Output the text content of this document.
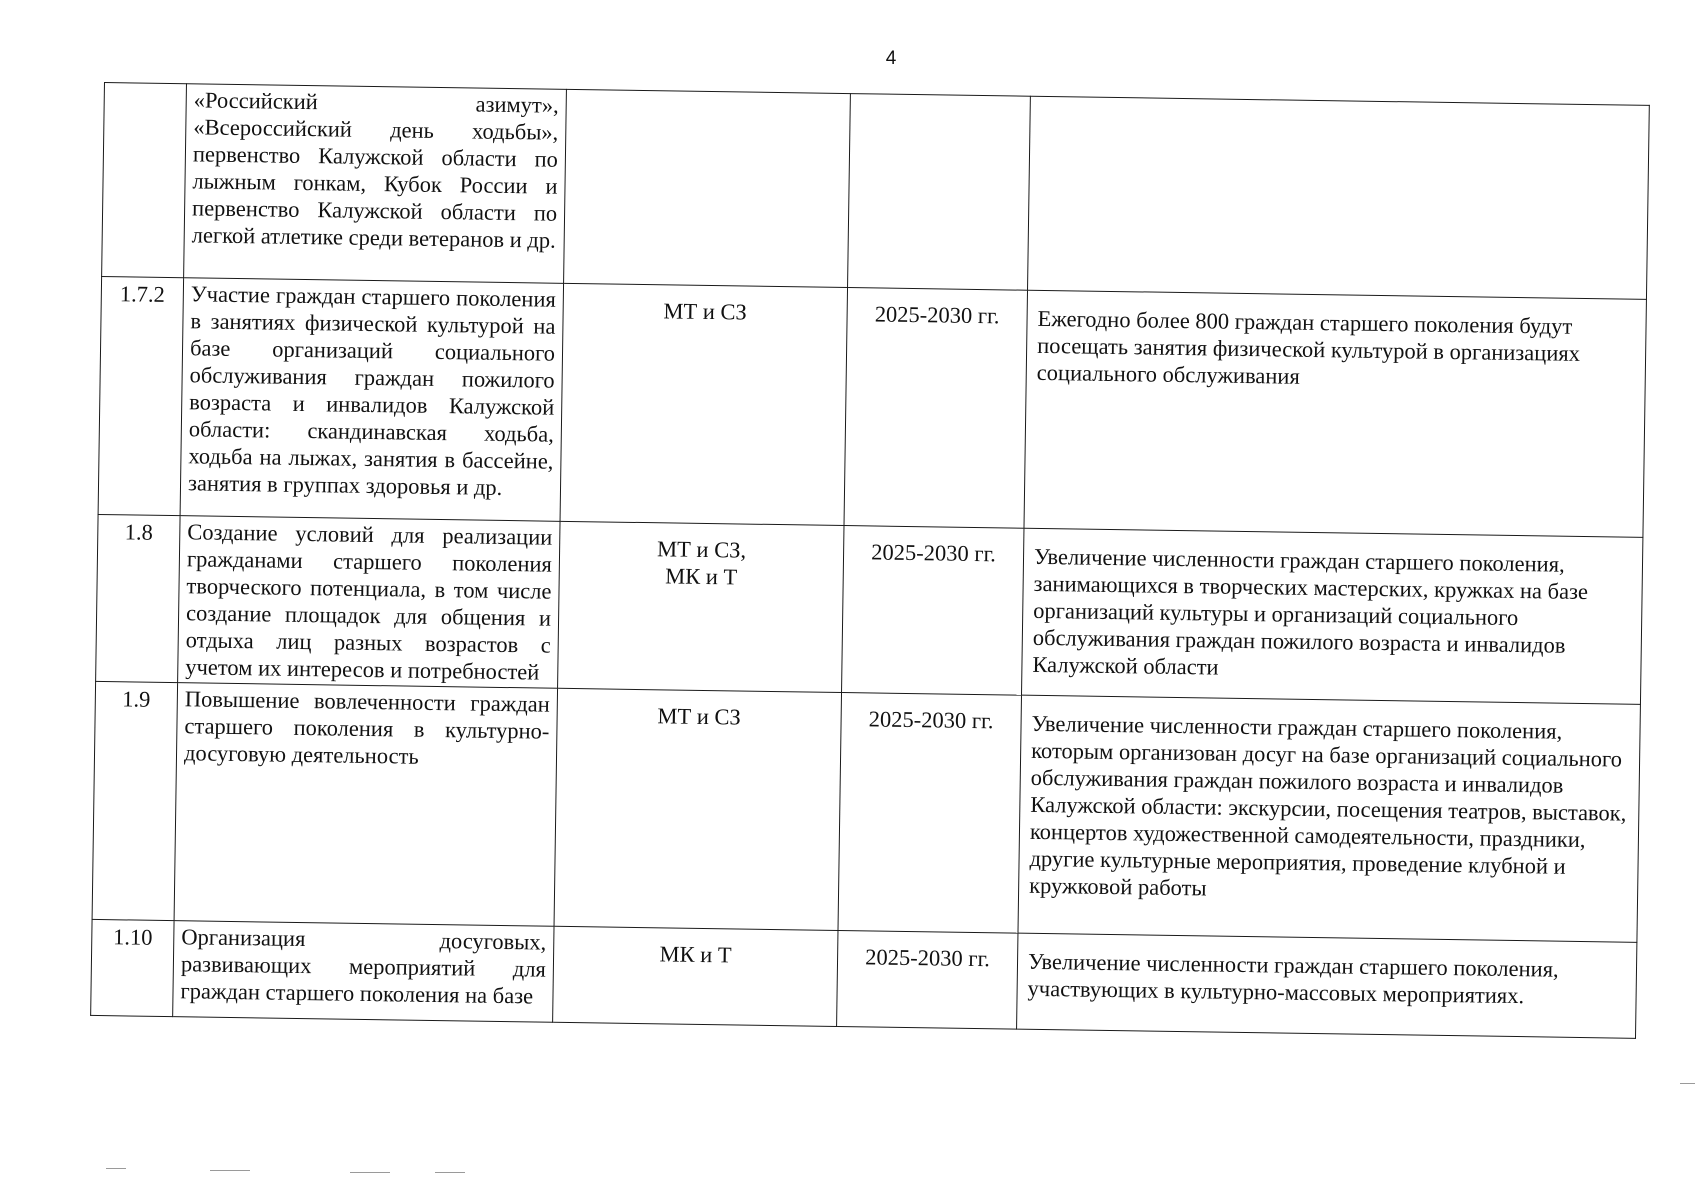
4
	«Российский азимут», «Всероссийский день ходьбы», первенство Калужской области по лыжным гонкам, Кубок России и первенство Калужской области по легкой атлетике среди ветеранов и др.			
1.7.2	Участие граждан старшего поколения в занятиях физической культурой на базе организаций социального обслуживания граждан пожилого возраста и инвалидов Калужской области: скандинавская ходьба, ходьба на лыжах, занятия в бассейне, занятия в группах здоровья и др.	МТ и СЗ	2025-2030 гг.	Ежегодно более 800 граждан старшего поколения будут посещать занятия физической культурой в организациях социального обслуживания
1.8	Создание условий для реализации гражданами старшего поколения творческого потенциала, в том числе создание площадок для общения и отдыха лиц разных возрастов с учетом их интересов и потребностей	МТ и СЗ,
МК и Т	2025-2030 гг.	Увеличение численности граждан старшего поколения, занимающихся в творческих мастерских, кружках на базе организаций культуры и организаций социального обслуживания граждан пожилого возраста и инвалидов Калужской области
1.9	Повышение вовлеченности граждан старшего поколения в культурно-досуговую деятельность	МТ и СЗ	2025-2030 гг.	Увеличение численности граждан старшего поколения, которым организован досуг на базе организаций социального обслуживания граждан пожилого возраста и инвалидов Калужской области: экскурсии, посещения театров, выставок, концертов художественной самодеятельности, праздники, другие культурные мероприятия, проведение клубной и кружковой работы
1.10	Организация досуговых, развивающих мероприятий для граждан старшего поколения на базе	МК и Т	2025-2030 гг.	Увеличение численности граждан старшего поколения, участвующих в культурно-массовых мероприятиях.
